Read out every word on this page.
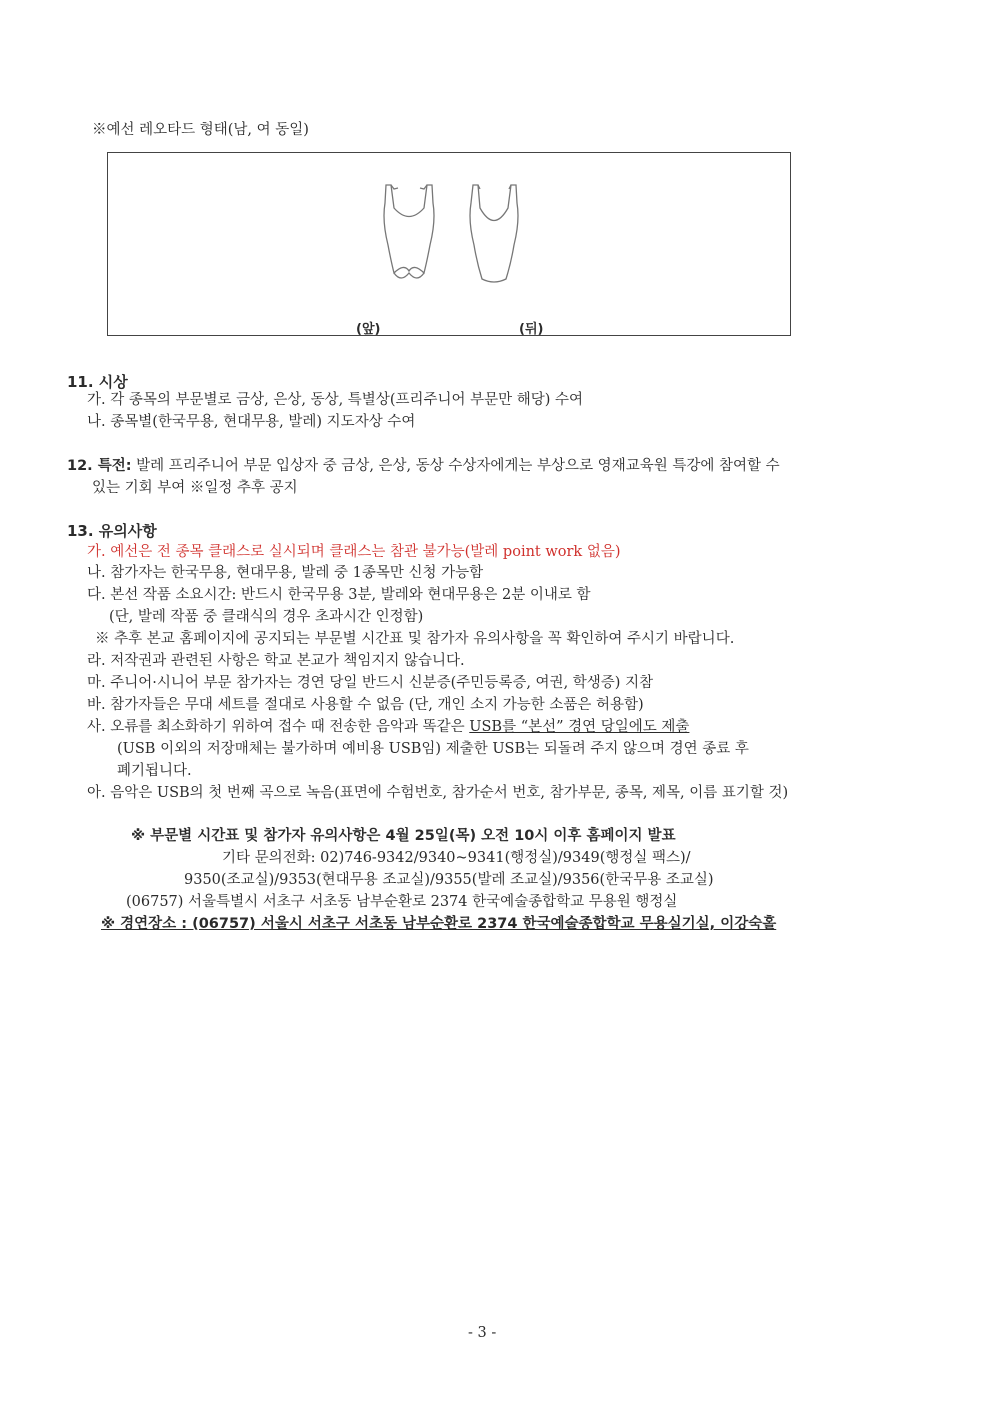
※예선 레오타드 형태(남, 여 동일)
(앞)	(뒤)
11. 시상
가. 각 종목의 부문별로 금상, 은상, 동상, 특별상(프리주니어 부문만 해당) 수여
나. 종목별(한국무용, 현대무용, 발레) 지도자상 수여
12. 특전: 발레 프리주니어 부문 입상자 중 금상, 은상, 동상 수상자에게는 부상으로 영재교육원 특강에 참여할 수
있는 기회 부여 ※일정 추후 공지
13. 유의사항
가. 예선은 전 종목 클래스로 실시되며 클래스는 참관 불가능(발레 point work 없음)
나. 참가자는 한국무용, 현대무용, 발레 중 1종목만 신청 가능함
다. 본선 작품 소요시간: 반드시 한국무용 3분, 발레와 현대무용은 2분 이내로 함
(단, 발레 작품 중 클래식의 경우 초과시간 인정함)
※ 추후 본교 홈페이지에 공지되는 부문별 시간표 및 참가자 유의사항을 꼭 확인하여 주시기 바랍니다.
라. 저작권과 관련된 사항은 학교 본교가 책임지지 않습니다.
마. 주니어·시니어 부문 참가자는 경연 당일 반드시 신분증(주민등록증, 여권, 학생증) 지참
바. 참가자들은 무대 세트를 절대로 사용할 수 없음 (단, 개인 소지 가능한 소품은 허용함)
사. 오류를 최소화하기 위하여 접수 때 전송한 음악과 똑같은 USB를 “본선” 경연 당일에도 제출
(USB 이외의 저장매체는 불가하며 예비용 USB임) 제출한 USB는 되돌려 주지 않으며 경연 종료 후
폐기됩니다.
아. 음악은 USB의 첫 번째 곡으로 녹음(표면에 수험번호, 참가순서 번호, 참가부문, 종목, 제목, 이름 표기할 것)
※ 부문별 시간표 및 참가자 유의사항은 4월 25일(목) 오전 10시 이후 홈페이지 발표
기타 문의전화: 02)746-9342/9340~9341(행정실)/9349(행정실 팩스)/
9350(조교실)/9353(현대무용 조교실)/9355(발레 조교실)/9356(한국무용 조교실)
(06757) 서울특별시 서초구 서초동 남부순환로 2374 한국예술종합학교 무용원 행정실
※ 경연장소 : (06757) 서울시 서초구 서초동 남부순환로 2374 한국예술종합학교 무용실기실, 이강숙홀
- 3 -
